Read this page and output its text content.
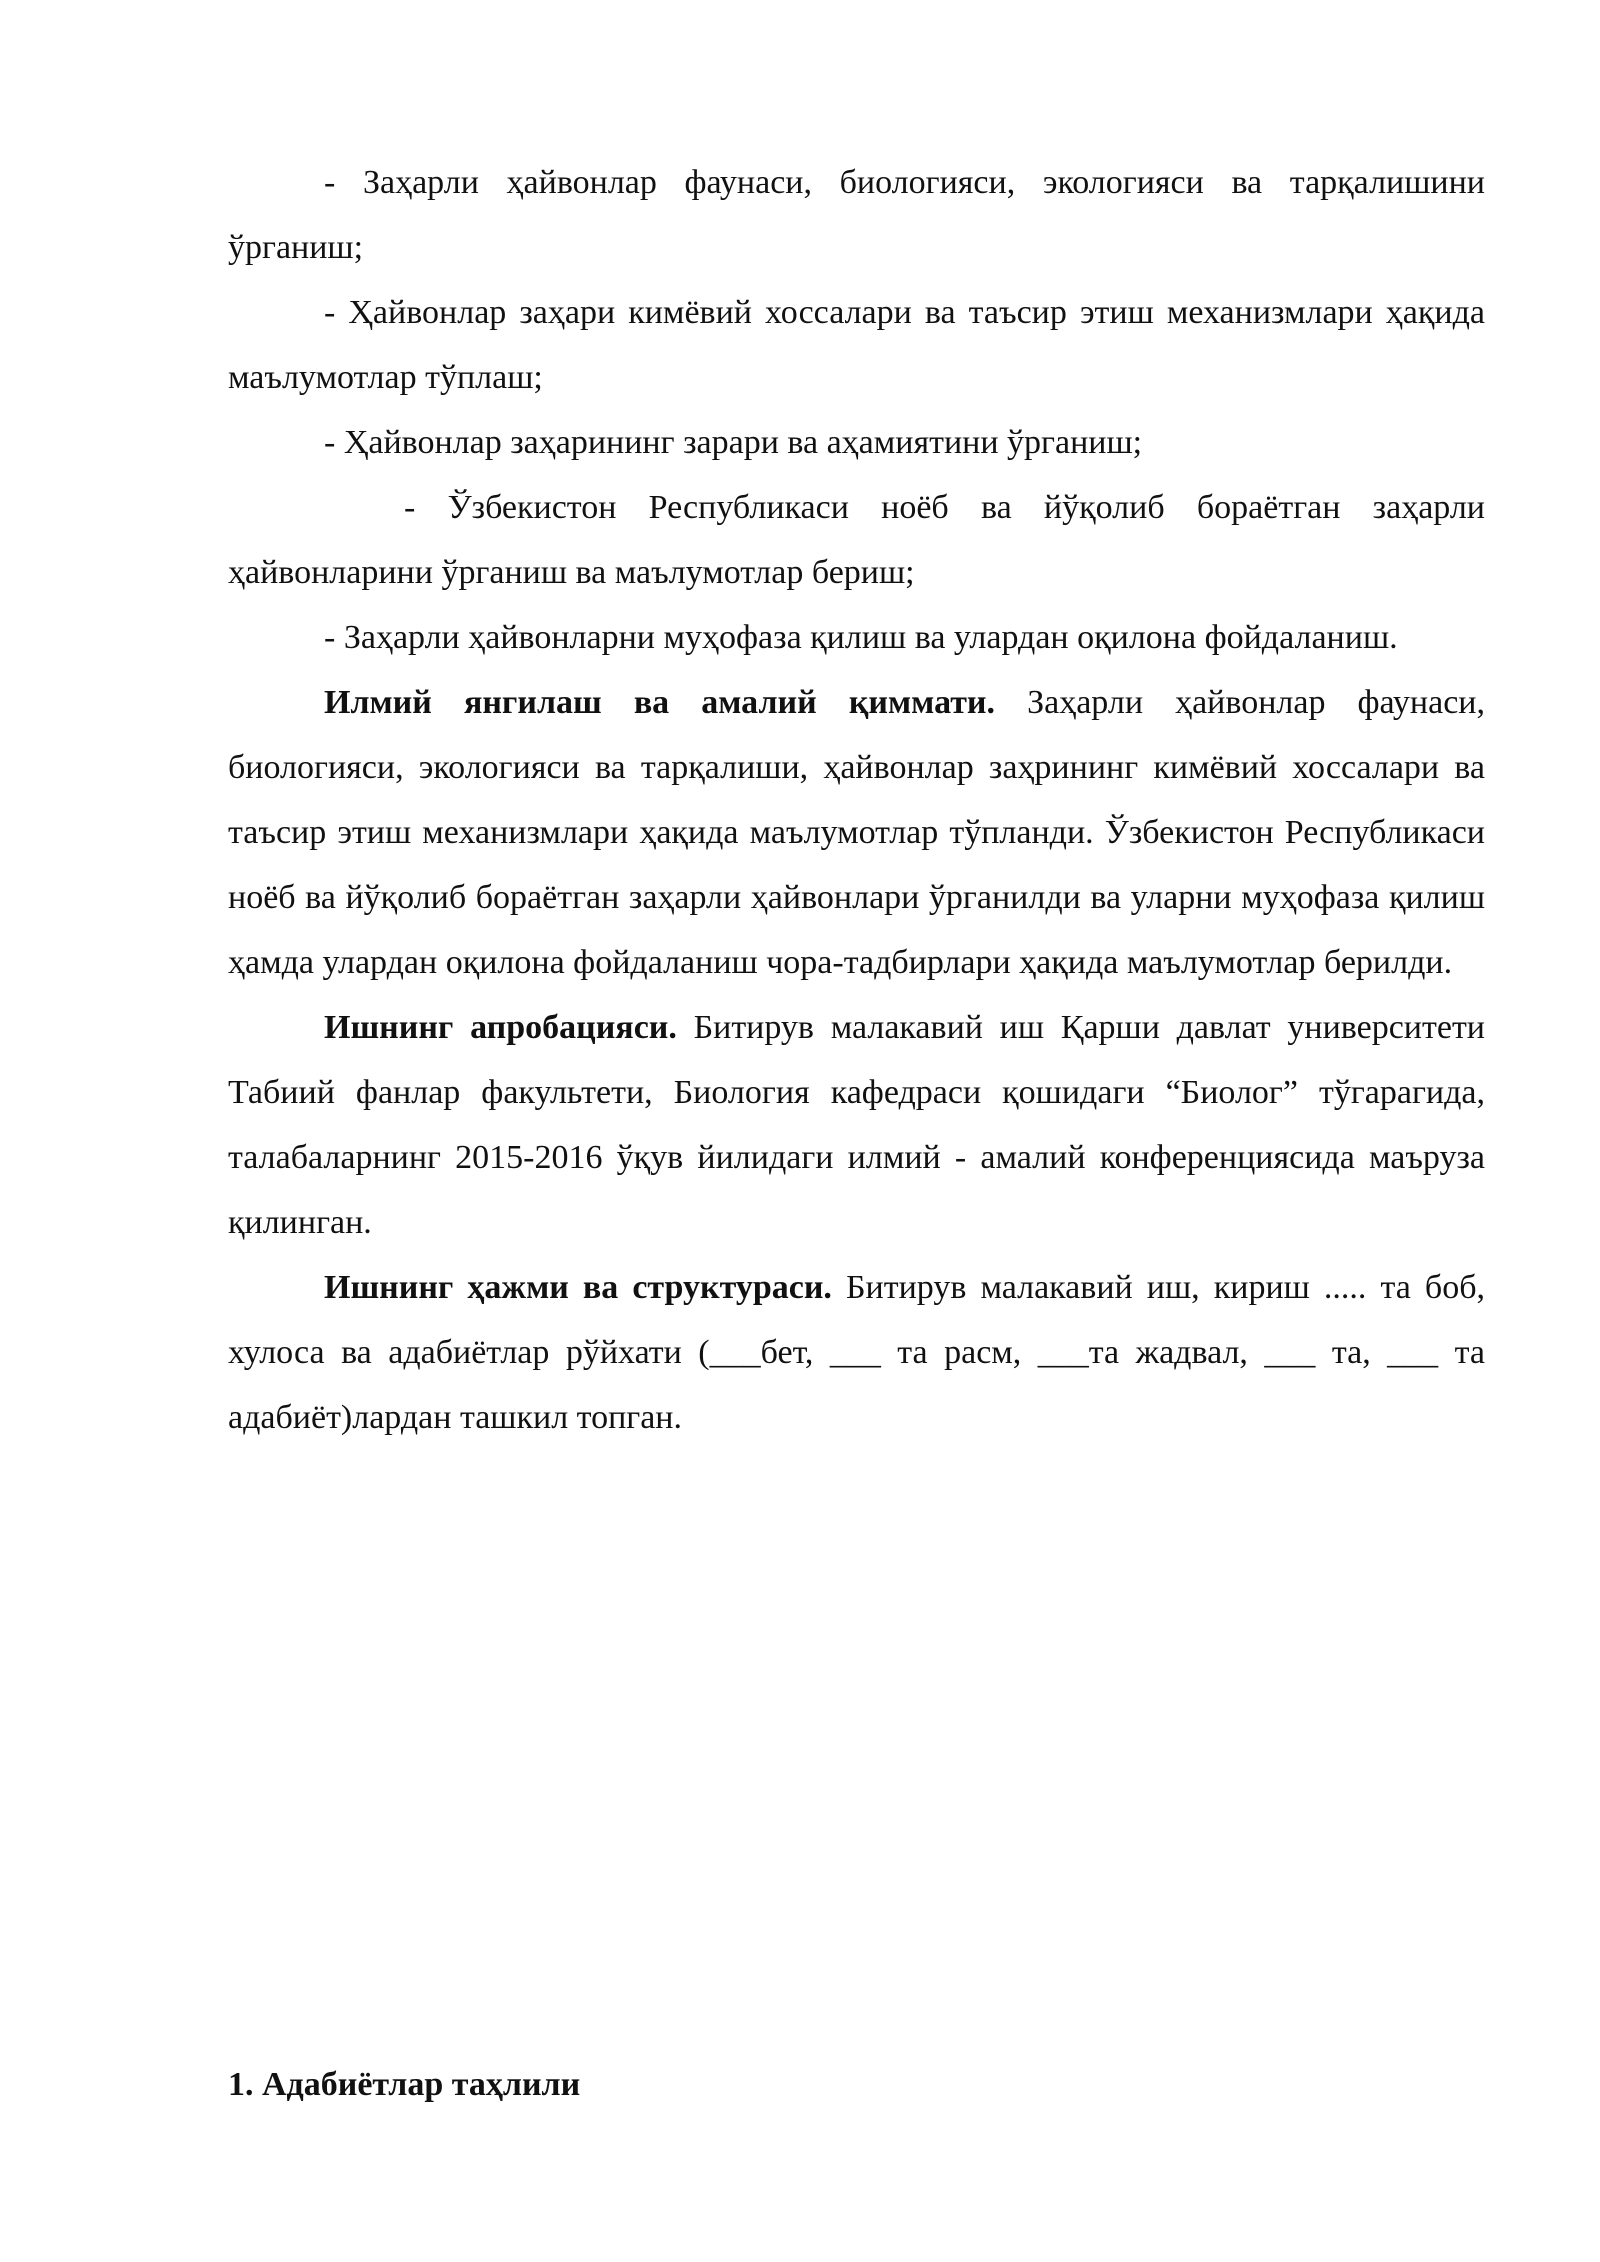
- Заҳарли ҳайвонлар фаунаси, биологияси, экологияси ва тарқалишини ўрганиш;

- Ҳайвонлар заҳари кимёвий хоссалари ва таъсир этиш механизмлари ҳақида маълумотлар тўплаш;

- Ҳайвонлар заҳарининг зарари ва аҳамиятини ўрганиш;

- Ўзбекистон Республикаси ноёб ва йўқолиб бораётган заҳарли ҳайвонларини ўрганиш ва маълумотлар бериш;

- Заҳарли ҳайвонларни муҳофаза қилиш ва улардан оқилона фойдаланиш.

Илмий янгилаш ва амалий қиммати. Заҳарли ҳайвонлар фаунаси, биологияси, экологияси ва тарқалиши, ҳайвонлар заҳрининг кимёвий хоссалари ва таъсир этиш механизмлари ҳақида маълумотлар тўпланди. Ўзбекистон Республикаси ноёб ва йўқолиб бораётган заҳарли ҳайвонлари ўрганилди ва уларни муҳофаза қилиш ҳамда улардан оқилона фойдаланиш чора-тадбирлари ҳақида маълумотлар берилди.

Ишнинг апробацияси. Битирув малакавий иш Қарши давлат университети Табиий фанлар факультети, Биология кафедраси қошидаги “Биолог” тўгарагида, талабаларнинг 2015-2016 ўқув йилидаги илмий - амалий конференциясида маъруза қилинган.

Ишнинг ҳажми ва структураси. Битирув малакавий иш, кириш ..... та боб, хулоса ва адабиётлар рўйхати (___бет, ___ та расм, ___та жадвал, ___ та, ___ та адабиёт)лардан ташкил топган.

1. Адабиётлар таҳлили
